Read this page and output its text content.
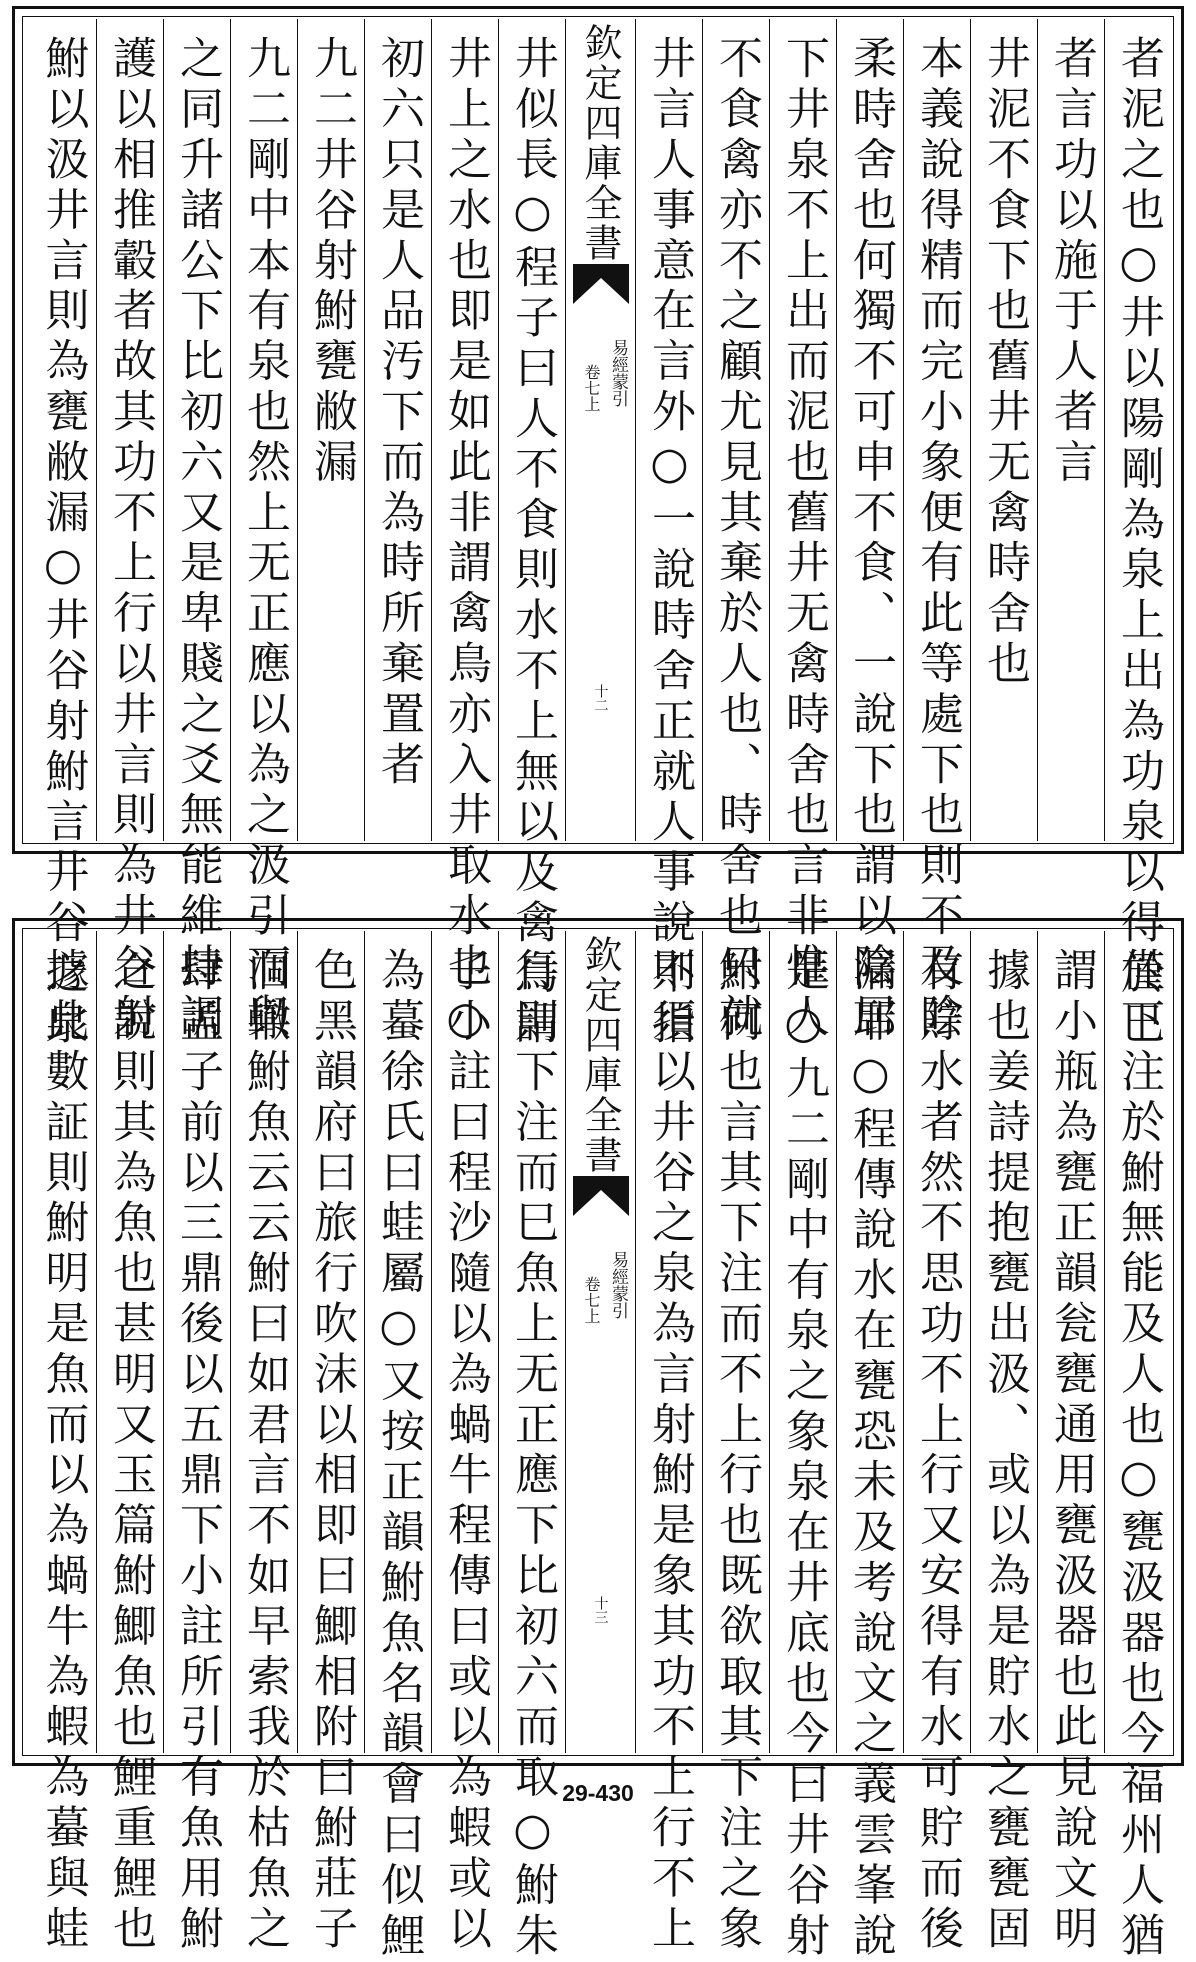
者泥之也○井以陽剛為泉上出為功泉以得於巳
者言功以施于人者言
井泥不食下也舊井无禽時舍也
本義說得精而完小象便有此等處下也則不及陰
柔時舍也何獨不可申不食、一說下也謂以陰居
下井泉不上出而泥也舊井无禽時舍也言非惟人
不食禽亦不之顧尤見其棄於人也、時舍也只就
井言人事意在言外○一說時舍正就人事說不指
欽定四庫全書
易經蒙引
卷七上
十二
井似長○程子曰人不食則水不上無以及禽鳥謂
井上之水也即是如此非謂禽鳥亦入井取水也○
初六只是人品汚下而為時所棄置者
九二井谷射鮒甕敝漏
九二剛中本有泉也然上无正應以為之汲引而與
之同升諸公下比初六又是卑賤之爻無能維持調
護以相推轂者故其功不上行以井言則為井谷射
鮒以汲井言則為甕敝漏○井谷射鮒言井谷之泉
僅下注於鮒無能及人也○甕汲器也今福州人猶
謂小瓶為甕正韻瓮甕通用甕汲器也此見說文明
據也姜詩提抱甕出汲、或以為是貯水之甕甕固
有貯水者然不思功不上行又安得有水可貯而後
漏耶○程傳說水在甕恐未及考說文之義雲峯說
是○九二剛中有泉之象泉在井底也今曰井谷射
鮒何也言其下注而不上行也既欲取其下注之象
則須以井谷之泉為言射鮒是象其功不上行不上
欽定四庫全書
易經蒙引
卷七上
十三
行則下注而巳魚上无正應下比初六而取○鮒朱
子小註曰程沙隨以為蝸牛程傳曰或以為蝦或以
為蟇徐氏曰蛙屬○又按正韻鮒魚名韻會曰似鯉
色黑韻府曰旅行吹沫以相即曰鯽相附曰鮒莊子
涸轍鮒魚云云鮒曰如君言不如早索我於枯魚之
肆孟子前以三鼎後以五鼎下小註所引有魚用鮒
之說則其為魚也甚明又玉篇鮒鯽魚也鯉重鯉也
據此數証則鮒明是魚而以為蝸牛為蝦為蟇與蛙	29-430
